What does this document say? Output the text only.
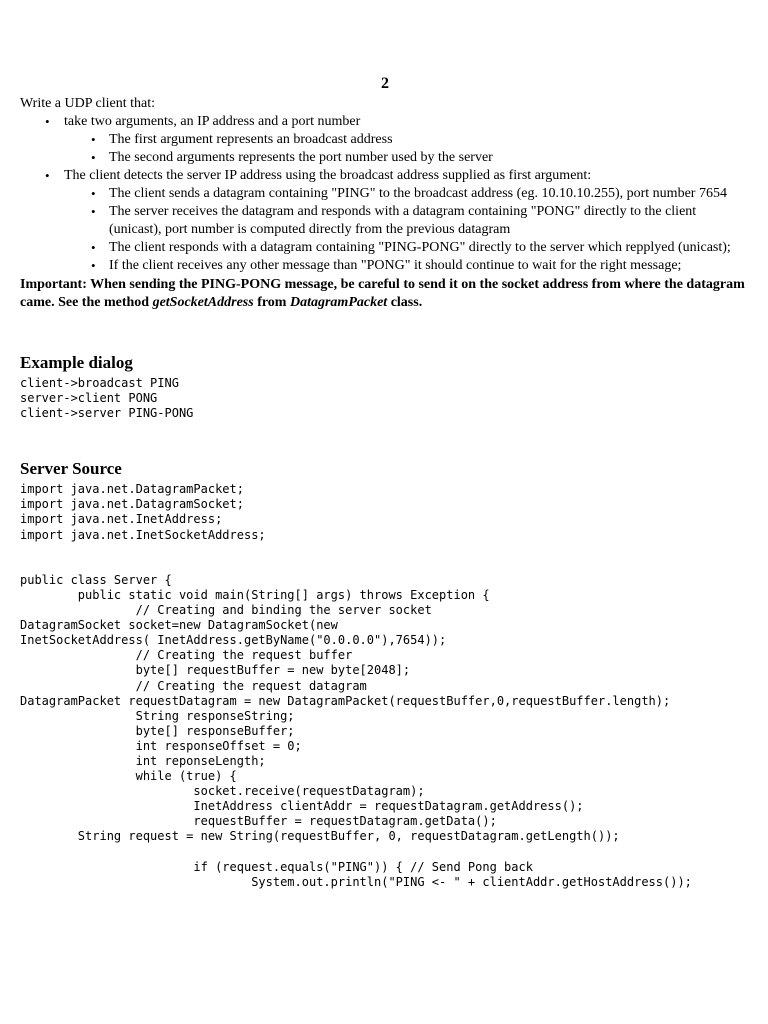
2

Write a UDP client that:

• take two arguments, an IP address and a port number
• The first argument represents an broadcast address
• The second arguments represents the port number used by the server
• The client detects the server IP address using the broadcast address supplied as first argument:
• The client sends a datagram containing "PING" to the broadcast address (eg. 10.10.10.255), port number 7654
• The server receives the datagram and responds with a datagram containing "PONG" directly to the client (unicast), port number is computed directly from the previous datagram
• The client responds with a datagram containing "PING-PONG" directly to the server which repplyed (unicast);
• If the client receives any other message than "PONG" it should continue to wait for the right message;

Important: When sending the PING-PONG message, be careful to send it on the socket address from where the datagram came. See the method getSocketAddress from DatagramPacket class.

Example dialog
client->broadcast PING
server->client PONG
client->server PING-PONG
Server Source
import java.net.DatagramPacket;
import java.net.DatagramSocket;
import java.net.InetAddress;
import java.net.InetSocketAddress;

public class Server {
public static void main(String[] args) throws Exception {
// Creating and binding the server socket
DatagramSocket socket=new DatagramSocket(new
InetSocketAddress( InetAddress.getByName("0.0.0.0"),7654));
// Creating the request buffer
byte[] requestBuffer = new byte[2048];
// Creating the request datagram
DatagramPacket requestDatagram = new DatagramPacket(requestBuffer,0,requestBuffer.length);
String responseString;
byte[] responseBuffer;
int responseOffset = 0;
int reponseLength;
while (true) {
socket.receive(requestDatagram);
InetAddress clientAddr = requestDatagram.getAddress();
requestBuffer = requestDatagram.getData();
String request = new String(requestBuffer, 0, requestDatagram.getLength());

if (request.equals("PING")) { // Send Pong back
System.out.println("PING <- " + clientAddr.getHostAddress());
